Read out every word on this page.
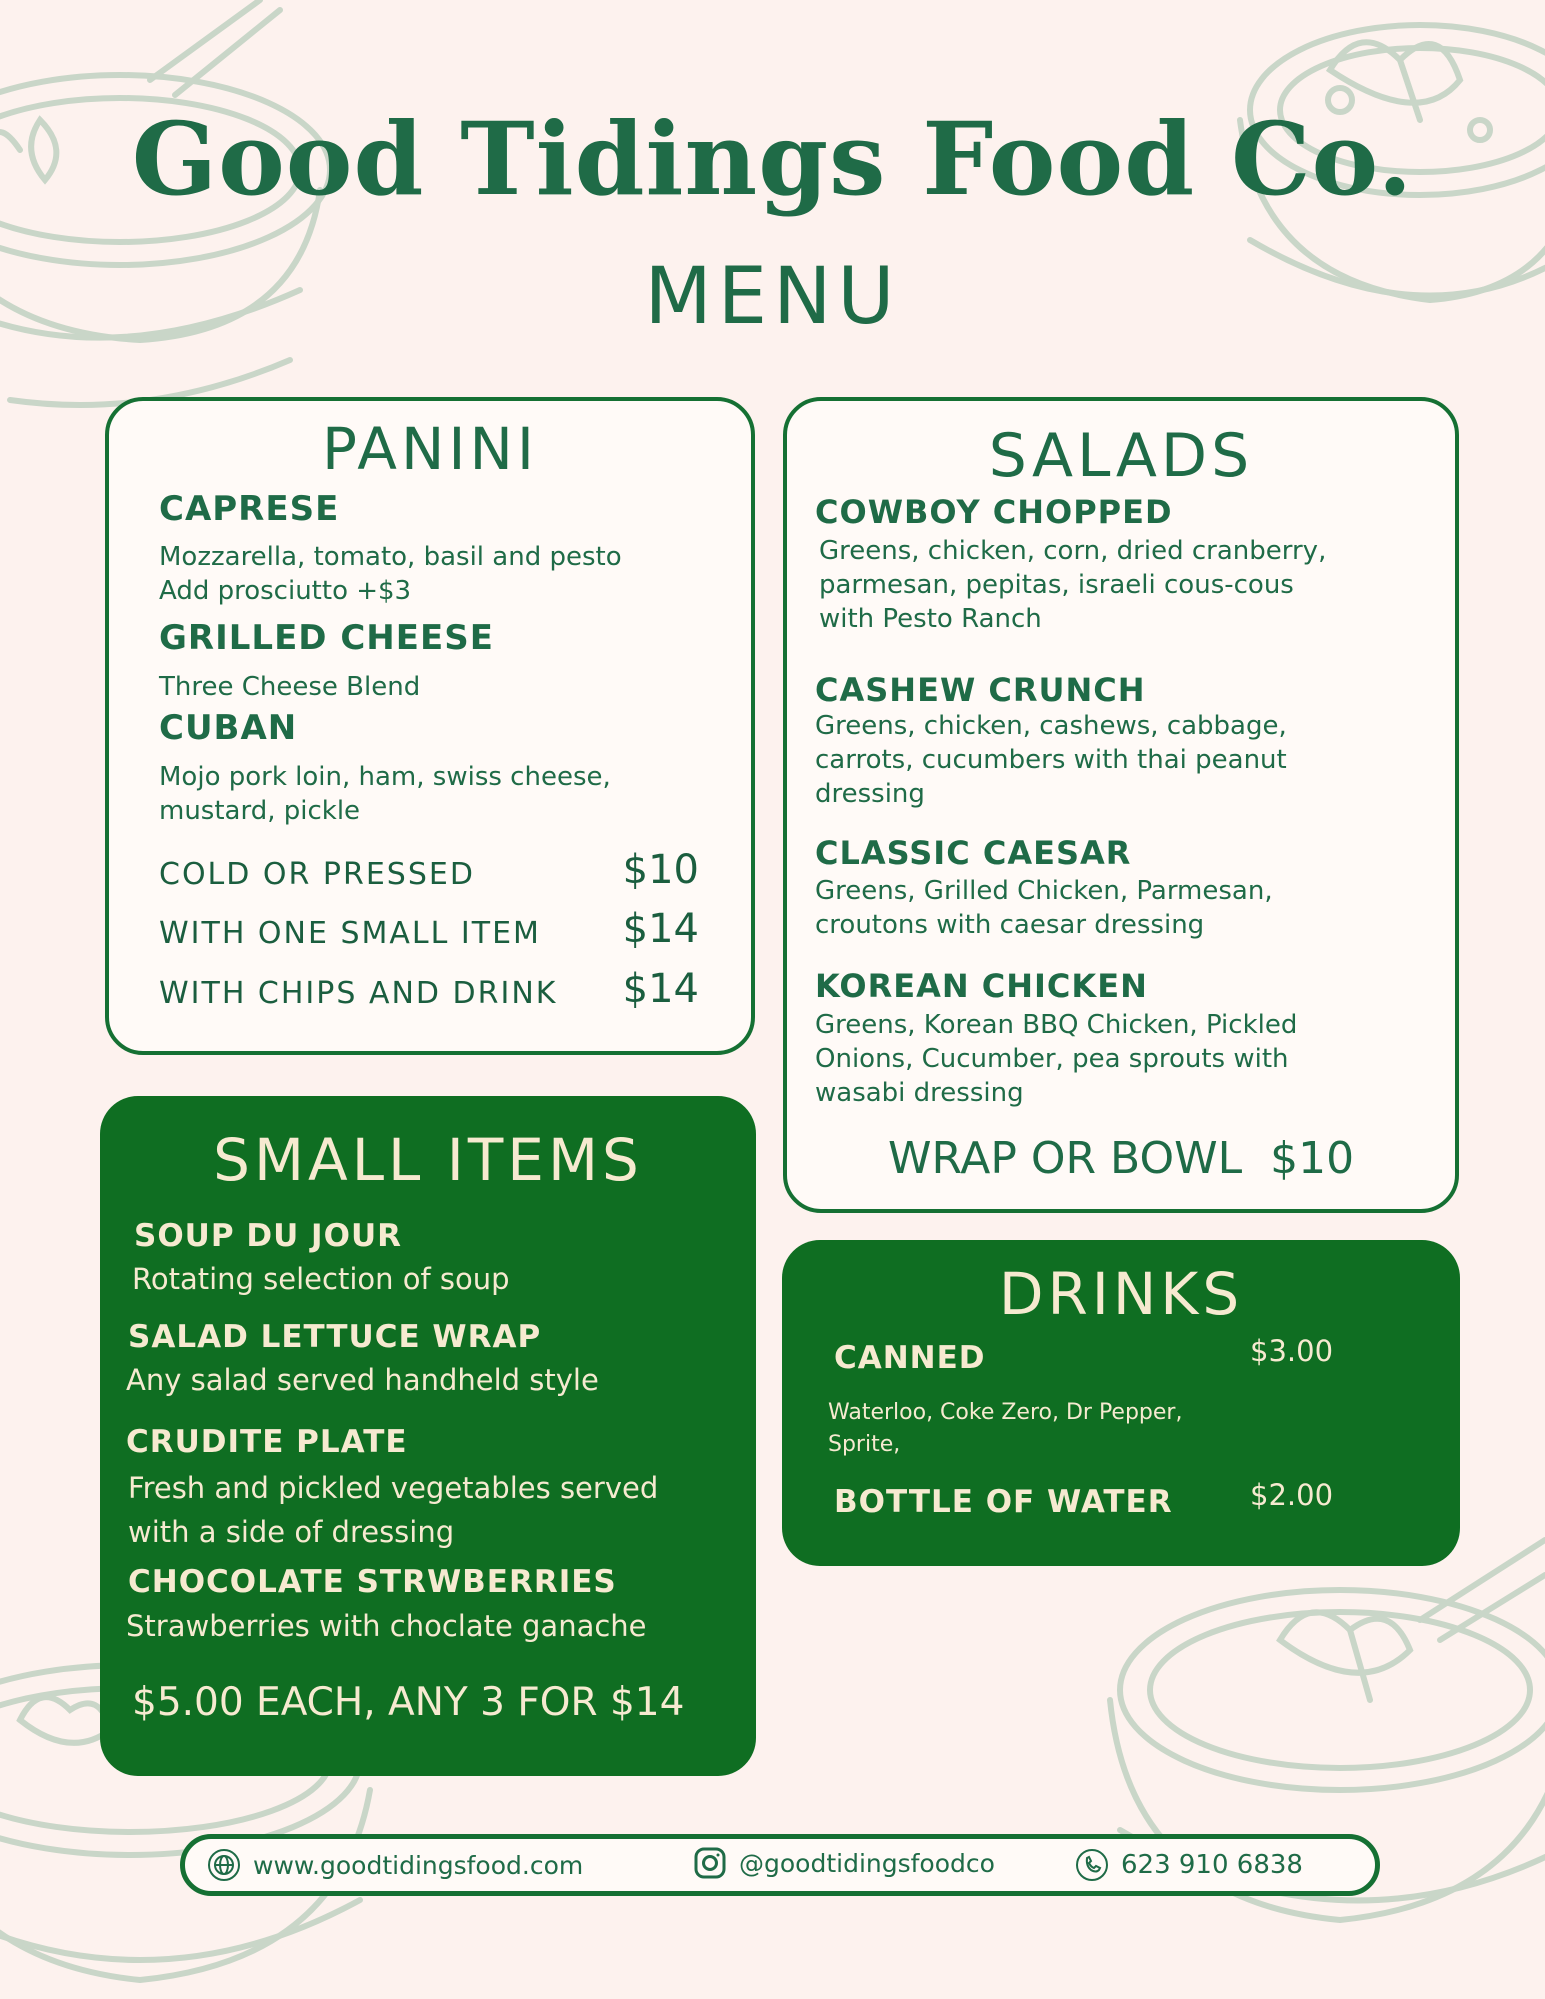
Good Tidings Food Co.
MENU
PANINI
CAPRESE
Mozzarella, tomato, basil and pesto
Add prosciutto +$3
GRILLED CHEESE
Three Cheese Blend
CUBAN
Mojo pork loin, ham, swiss cheese,
mustard, pickle
COLD OR PRESSED	$10
WITH ONE SMALL ITEM $14
WITH CHIPS AND DRINK $14
SALADS
COWBOY CHOPPED
Greens, chicken, corn, dried cranberry,
parmesan, pepitas, israeli cous-cous
with Pesto Ranch
CASHEW CRUNCH
Greens, chicken, cashews, cabbage,
carrots, cucumbers with thai peanut
dressing
CLASSIC CAESAR
Greens, Grilled Chicken, Parmesan,
croutons with caesar dressing
KOREAN CHICKEN
Greens, Korean BBQ Chicken, Pickled
Onions, Cucumber, pea sprouts with
wasabi dressing
WRAP OR BOWL  $10
SMALL ITEMS
SOUP DU JOUR
Rotating selection of soup
SALAD LETTUCE WRAP
Any salad served handheld style
CRUDITE PLATE
Fresh and pickled vegetables served
with a side of dressing
CHOCOLATE STRWBERRIES
Strawberries with choclate ganache
$5.00 EACH, ANY 3 FOR $14
DRINKS
CANNED	$3.00
Waterloo, Coke Zero, Dr Pepper,
Sprite,
BOTTLE OF WATER	$2.00
www.goodtidingsfood.com	@goodtidingsfoodco	623 910 6838
